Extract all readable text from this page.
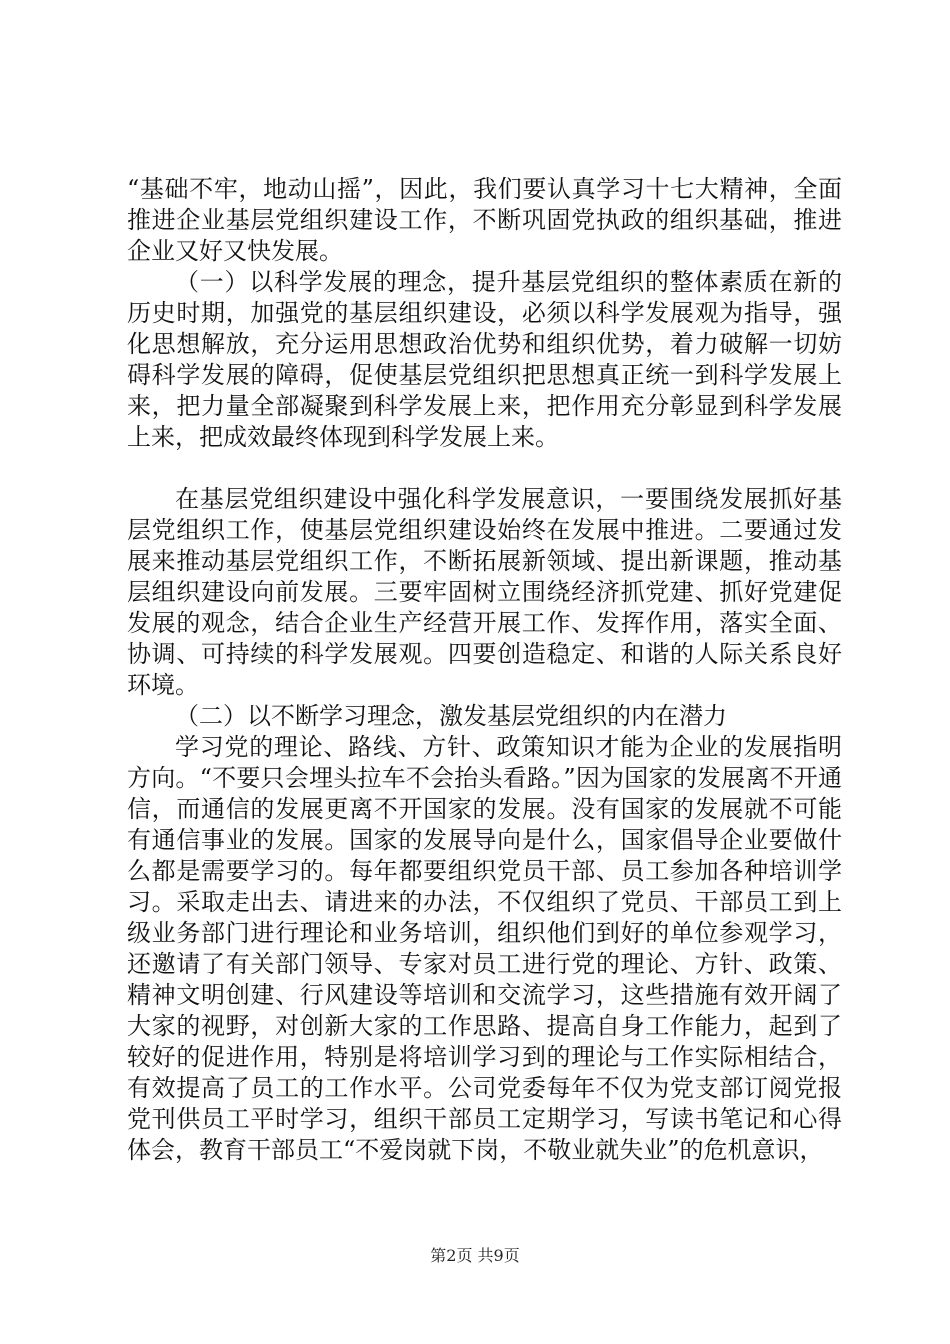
“基础不牢，地动山摇”，因此，我们要认真学习十七大精神，全面推进企业基层党组织建设工作，不断巩固党执政的组织基础，推进企业又好又快发展。

（一）以科学发展的理念，提升基层党组织的整体素质在新的历史时期，加强党的基层组织建设，必须以科学发展观为指导，强化思想解放，充分运用思想政治优势和组织优势，着力破解一切妨碍科学发展的障碍，促使基层党组织把思想真正统一到科学发展上来，把力量全部凝聚到科学发展上来，把作用充分彰显到科学发展上来，把成效最终体现到科学发展上来。

在基层党组织建设中强化科学发展意识，一要围绕发展抓好基层党组织工作，使基层党组织建设始终在发展中推进。二要通过发展来推动基层党组织工作，不断拓展新领域、提出新课题，推动基层组织建设向前发展。三要牢固树立围绕经济抓党建、抓好党建促发展的观念，结合企业生产经营开展工作、发挥作用，落实全面、协调、可持续的科学发展观。四要创造稳定、和谐的人际关系良好环境。

（二）以不断学习理念，激发基层党组织的内在潜力

学习党的理论、路线、方针、政策知识才能为企业的发展指明方向。“不要只会埋头拉车不会抬头看路。”因为国家的发展离不开通信，而通信的发展更离不开国家的发展。没有国家的发展就不可能有通信事业的发展。国家的发展导向是什么，国家倡导企业要做什么都是需要学习的。每年都要组织党员干部、员工参加各种培训学习。采取走出去、请进来的办法，不仅组织了党员、干部员工到上级业务部门进行理论和业务培训，组织他们到好的单位参观学习，还邀请了有关部门领导、专家对员工进行党的理论、方针、政策、精神文明创建、行风建设等培训和交流学习，这些措施有效开阔了大家的视野，对创新大家的工作思路、提高自身工作能力，起到了较好的促进作用，特别是将培训学习到的理论与工作实际相结合，有效提高了员工的工作水平。公司党委每年不仅为党支部订阅党报党刊供员工平时学习，组织干部员工定期学习，写读书笔记和心得体会，教育干部员工“不爱岗就下岗，不敬业就失业”的危机意识，

第2页 共9页
